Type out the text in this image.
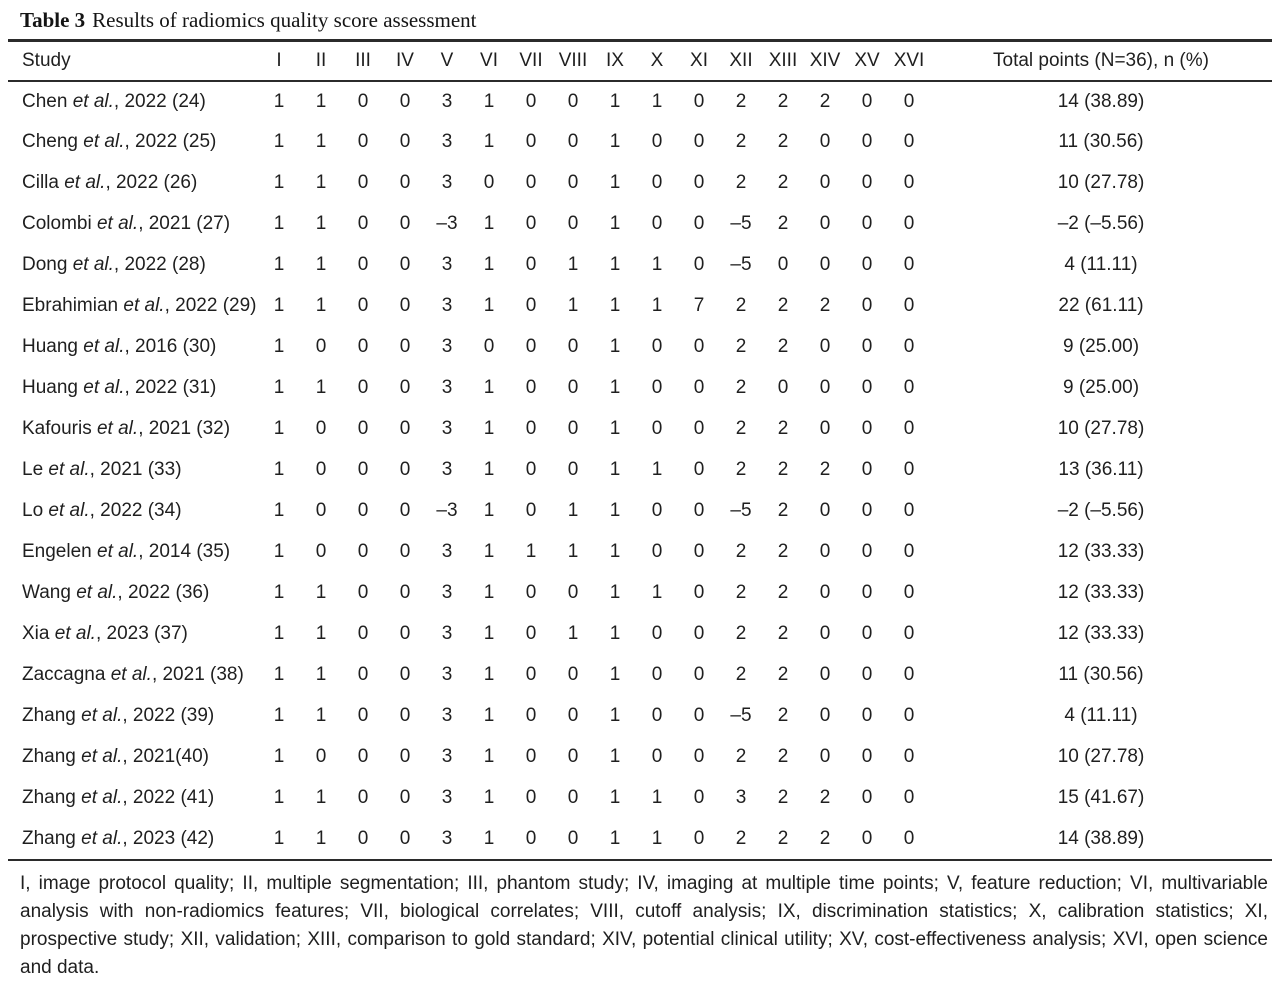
Table 3 Results of radiomics quality score assessment
Study	I	II	III	IV	V	VI	VII	VIII	IX	X	XI	XII	XIII	XIV	XV	XVI	Total points (N=36), n (%)
Chen et al., 2022 (24)	1	1	0	0	3	1	0	0	1	1	0	2	2	2	0	0	14 (38.89)
Cheng et al., 2022 (25)	1	1	0	0	3	1	0	0	1	0	0	2	2	0	0	0	11 (30.56)
Cilla et al., 2022 (26)	1	1	0	0	3	0	0	0	1	0	0	2	2	0	0	0	10 (27.78)
Colombi et al., 2021 (27)	1	1	0	0	–3	1	0	0	1	0	0	–5	2	0	0	0	–2 (–5.56)
Dong et al., 2022 (28)	1	1	0	0	3	1	0	1	1	1	0	–5	0	0	0	0	4 (11.11)
Ebrahimian et al., 2022 (29)	1	1	0	0	3	1	0	1	1	1	7	2	2	2	0	0	22 (61.11)
Huang et al., 2016 (30)	1	0	0	0	3	0	0	0	1	0	0	2	2	0	0	0	9 (25.00)
Huang et al., 2022 (31)	1	1	0	0	3	1	0	0	1	0	0	2	0	0	0	0	9 (25.00)
Kafouris et al., 2021 (32)	1	0	0	0	3	1	0	0	1	0	0	2	2	0	0	0	10 (27.78)
Le et al., 2021 (33)	1	0	0	0	3	1	0	0	1	1	0	2	2	2	0	0	13 (36.11)
Lo et al., 2022 (34)	1	0	0	0	–3	1	0	1	1	0	0	–5	2	0	0	0	–2 (–5.56)
Engelen et al., 2014 (35)	1	0	0	0	3	1	1	1	1	0	0	2	2	0	0	0	12 (33.33)
Wang et al., 2022 (36)	1	1	0	0	3	1	0	0	1	1	0	2	2	0	0	0	12 (33.33)
Xia et al., 2023 (37)	1	1	0	0	3	1	0	1	1	0	0	2	2	0	0	0	12 (33.33)
Zaccagna et al., 2021 (38)	1	1	0	0	3	1	0	0	1	0	0	2	2	0	0	0	11 (30.56)
Zhang et al., 2022 (39)	1	1	0	0	3	1	0	0	1	0	0	–5	2	0	0	0	4 (11.11)
Zhang et al., 2021(40)	1	0	0	0	3	1	0	0	1	0	0	2	2	0	0	0	10 (27.78)
Zhang et al., 2022 (41)	1	1	0	0	3	1	0	0	1	1	0	3	2	2	0	0	15 (41.67)
Zhang et al., 2023 (42)	1	1	0	0	3	1	0	0	1	1	0	2	2	2	0	0	14 (38.89)
I, image protocol quality; II, multiple segmentation; III, phantom study; IV, imaging at multiple time points; V, feature reduction; VI, multivariable analysis with non-radiomics features; VII, biological correlates; VIII, cutoff analysis; IX, discrimination statistics; X, calibration statistics; XI, prospective study; XII, validation; XIII, comparison to gold standard; XIV, potential clinical utility; XV, cost-effectiveness analysis; XVI, open science and data.
